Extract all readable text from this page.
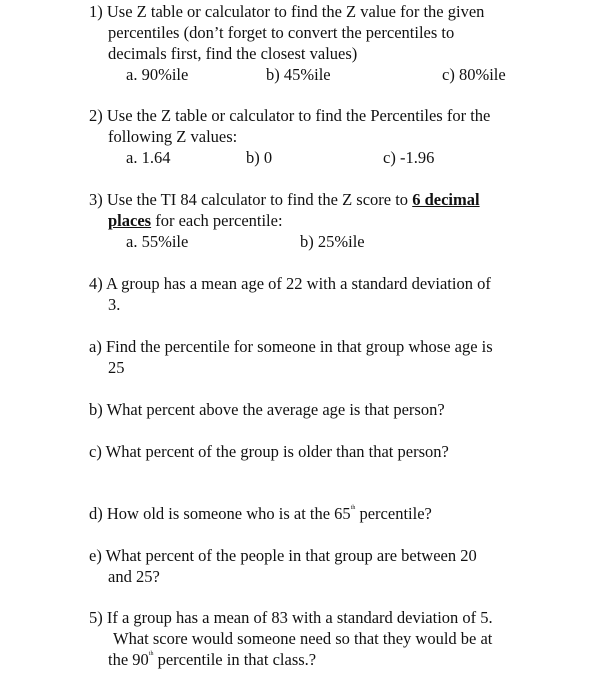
1) Use Z table or calculator to find the Z value for the given
percentiles (don’t forget to convert the percentiles to
decimals first, find the closest values)
a. 90%ile	b) 45%ile	c) 80%ile
2) Use the Z table or calculator to find the Percentiles for the
following Z values:
a. 1.64	b) 0	c) -1.96
3) Use the TI 84 calculator to find the Z score to 6 decimal
places for each percentile:
a. 55%ile	b) 25%ile
4) A group has a mean age of 22 with a standard deviation of
3.
a) Find the percentile for someone in that group whose age is
25
b) What percent above the average age is that person?
c) What percent of the group is older than that person?
d) How old is someone who is at the 65th percentile?
e) What percent of the people in that group are between 20
and 25?
5) If a group has a mean of 83 with a standard deviation of 5.
What score would someone need so that they would be at
the 90th percentile in that class.?
